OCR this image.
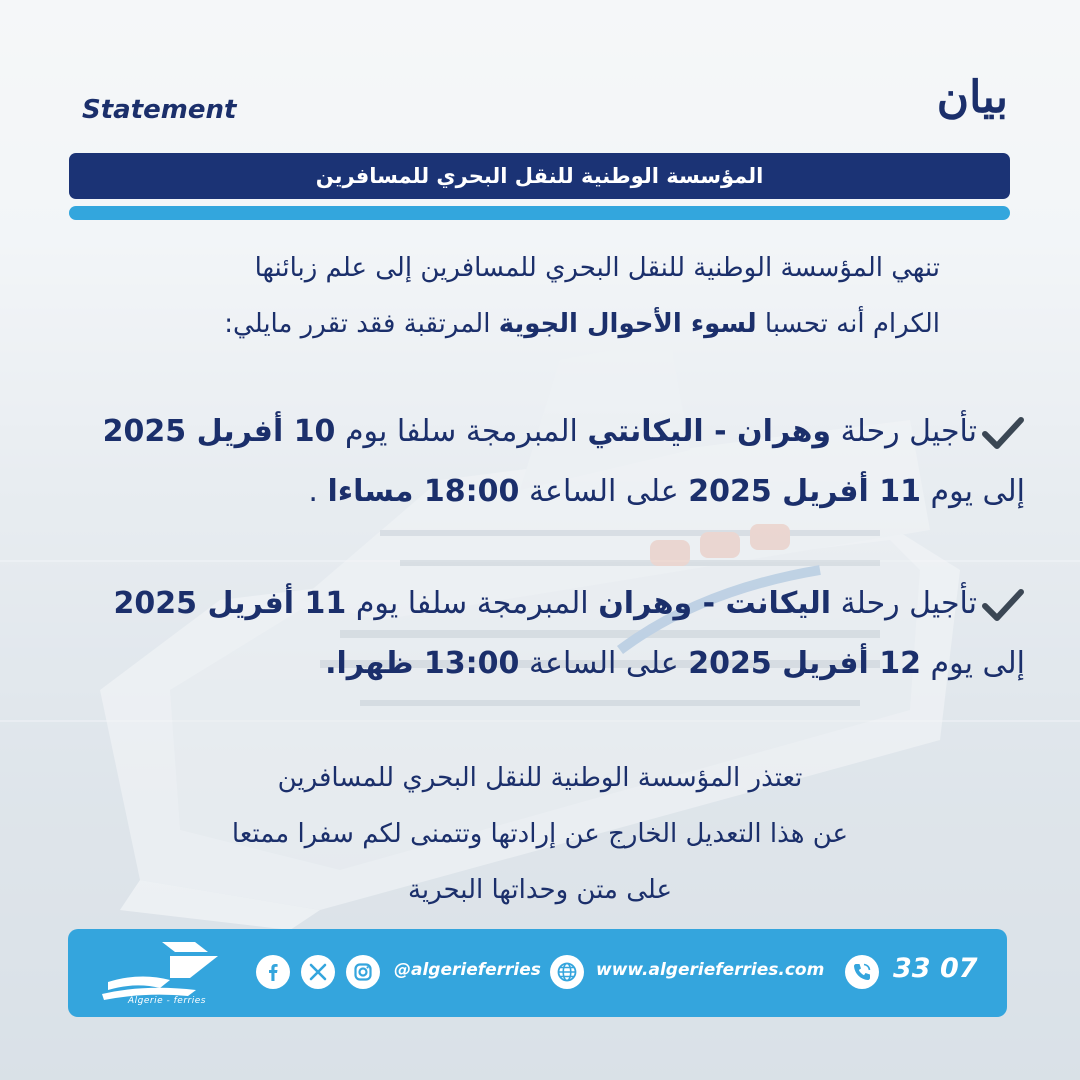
Statement	بيان
المؤسسة الوطنية للنقل البحري للمسافرين
تنهي المؤسسة الوطنية للنقل البحري للمسافرين إلى علم زبائنها
الكرام أنه تحسبا لسوء الأحوال الجوية المرتقبة فقد تقرر مايلي:
تأجيل رحلة وهران - اليكانتي المبرمجة سلفا يوم 10 أفريل 2025
إلى يوم 11 أفريل 2025 على الساعة 18:00 مساءا .
تأجيل رحلة اليكانت - وهران المبرمجة سلفا يوم 11 أفريل 2025
إلى يوم 12 أفريل 2025 على الساعة 13:00 ظهرا.
تعتذر المؤسسة الوطنية للنقل البحري للمسافرين
عن هذا التعديل الخارج عن إرادتها وتتمنى لكم سفرا ممتعا
على متن وحداتها البحرية
Algerie - ferries
@algerieferries	www.algerieferries.com	33 07
